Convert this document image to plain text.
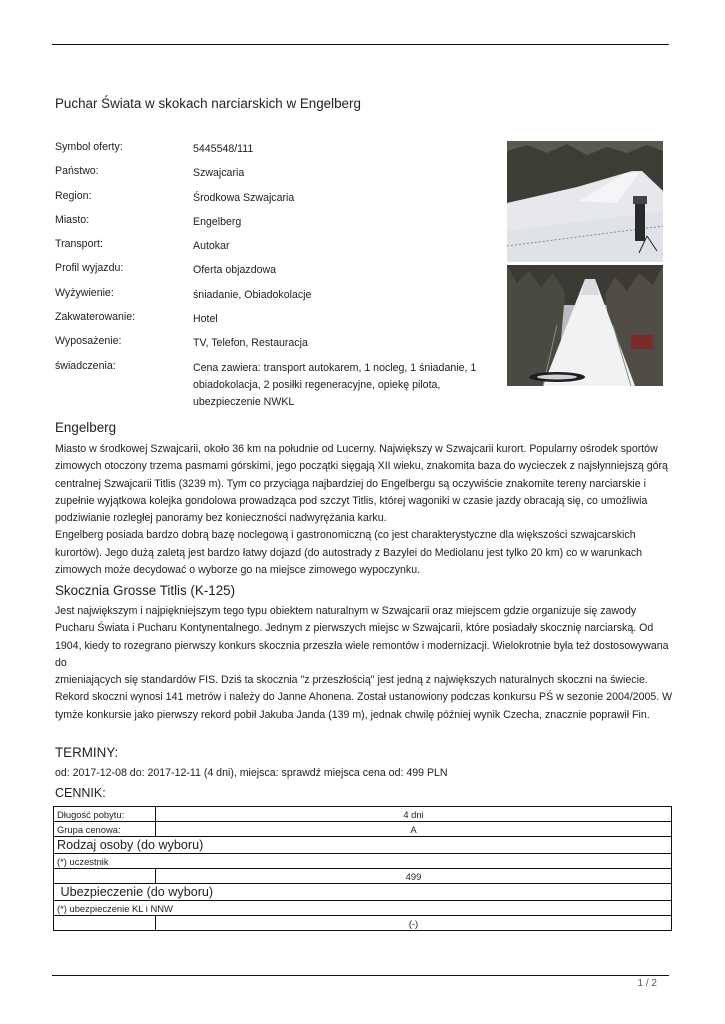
Puchar Świata w skokach narciarskich w Engelberg
Symbol oferty:	5445548/111
Państwo:	Szwajcaria
Region:	Środkowa Szwajcaria
Miasto:	Engelberg
Transport:	Autokar
Profil wyjazdu:	Oferta objazdowa
Wyżywienie:	śniadanie, Obiadokolacje
Zakwaterowanie:	Hotel
Wyposażenie:	TV, Telefon, Restauracja
świadczenia:	Cena zawiera: transport autokarem, 1 nocleg, 1 śniadanie, 1 obiadokolacja, 2 posiłki regeneracyjne, opiekę pilota, ubezpieczenie NWKL
Engelberg

Miasto w środkowej Szwajcarii, około 36 km na południe od Lucerny. Największy w Szwajcarii kurort. Popularny ośrodek sportów zimowych otoczony trzema pasmami górskimi, jego początki sięgają XII wieku, znakomita baza do wycieczek z najsłynniejszą górą centralnej Szwajcarii Titlis (3239 m). Tym co przyciąga najbardziej do Engelbergu są oczywiście znakomite tereny narciarskie i zupełnie wyjątkowa kolejka gondolowa prowadząca pod szczyt Titlis, której wagoniki w czasie jazdy obracają się, co umożliwia podziwianie rozległej panoramy bez konieczności nadwyrężania karku.

Engelberg posiada bardzo dobrą bazę noclegową i gastronomiczną (co jest charakterystyczne dla większości szwajcarskich kurortów). Jego dużą zaletą jest bardzo łatwy dojazd (do autostrady z Bazylei do Mediolanu jest tylko 20 km) co w warunkach zimowych może decydować o wyborze go na miejsce zimowego wypoczynku.

Skocznia Grosse Titlis (K-125)

Jest największym i najpiękniejszym tego typu obiektem naturalnym w Szwajcarii oraz miejscem gdzie organizuje się zawody Pucharu Świata i Pucharu Kontynentalnego. Jednym z pierwszych miejsc w Szwajcarii, które posiadały skocznię narciarską. Od 1904, kiedy to rozegrano pierwszy konkurs skocznia przeszła wiele remontów i modernizacji. Wielokrotnie była też dostosowywana do

zmieniających się standardów FIS. Dziś ta skocznia "z przeszłością" jest jedną z największych naturalnych skoczni na świecie. Rekord skoczni wynosi 141 metrów i należy do Janne Ahonena. Został ustanowiony podczas konkursu PŚ w sezonie 2004/2005. W tymże konkursie jako pierwszy rekord pobił Jakuba Janda (139 m), jednak chwilę później wynik Czecha, znacznie poprawił Fin.

TERMINY:
od: 2017-12-08 do: 2017-12-11 (4 dni), miejsca: sprawdź miejsca cena od: 499 PLN
CENNIK:
Długość pobytu:	4 dni
Grupa cenowa:	A
Rodzaj osoby (do wyboru)	
(*) uczestnik	
	499
Ubezpieczenie (do wyboru)	
(*) ubezpieczenie KL i NNW	
	(-)
1 / 2
